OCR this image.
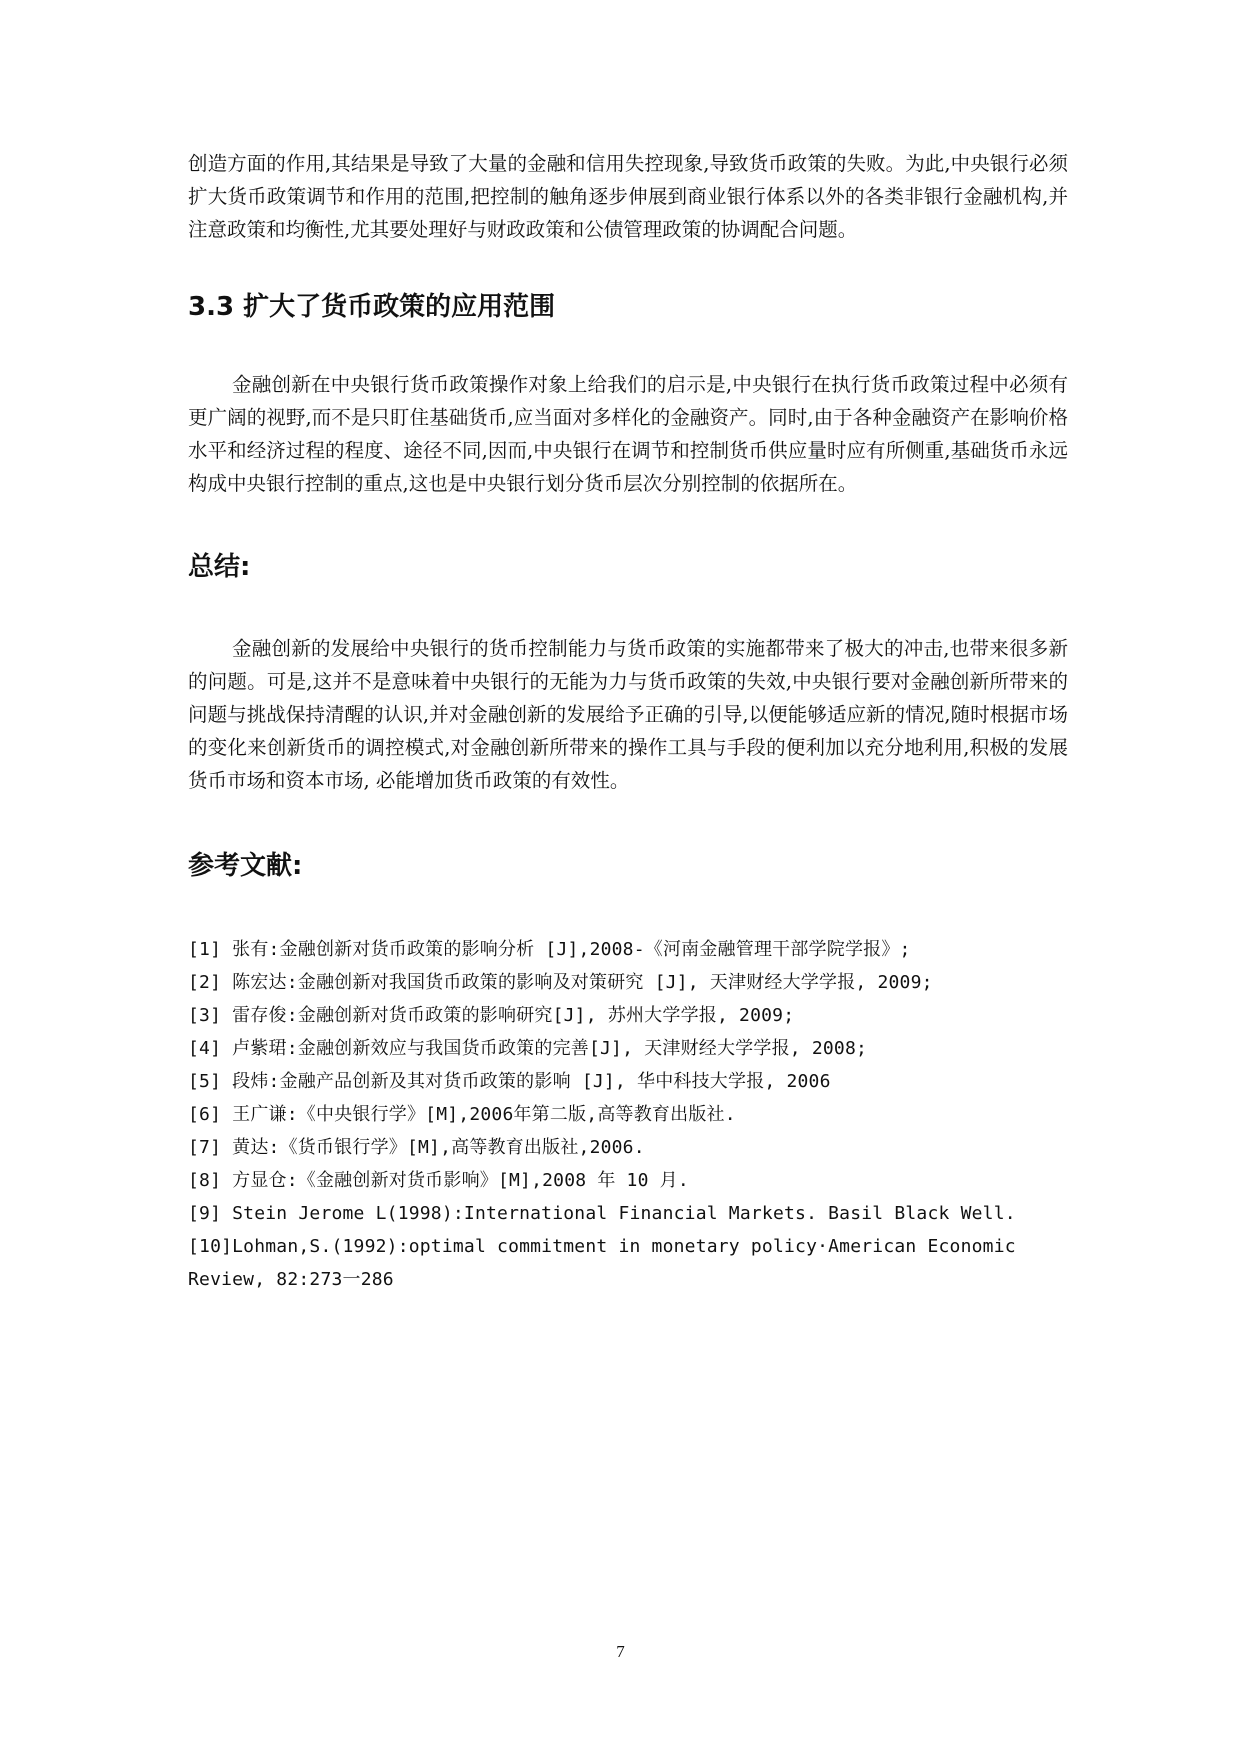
创造方面的作用,其结果是导致了大量的金融和信用失控现象,导致货币政策的失败。为此,中央银行必须扩大货币政策调节和作用的范围,把控制的触角逐步伸展到商业银行体系以外的各类非银行金融机构,并注意政策和均衡性,尤其要处理好与财政政策和公债管理政策的协调配合问题。

3.3 扩大了货币政策的应用范围

金融创新在中央银行货币政策操作对象上给我们的启示是,中央银行在执行货币政策过程中必须有更广阔的视野,而不是只盯住基础货币,应当面对多样化的金融资产。同时,由于各种金融资产在影响价格水平和经济过程的程度、途径不同,因而,中央银行在调节和控制货币供应量时应有所侧重,基础货币永远构成中央银行控制的重点,这也是中央银行划分货币层次分别控制的依据所在。

总结:

金融创新的发展给中央银行的货币控制能力与货币政策的实施都带来了极大的冲击,也带来很多新的问题。可是,这并不是意味着中央银行的无能为力与货币政策的失效,中央银行要对金融创新所带来的问题与挑战保持清醒的认识,并对金融创新的发展给予正确的引导,以便能够适应新的情况,随时根据市场的变化来创新货币的调控模式,对金融创新所带来的操作工具与手段的便利加以充分地利用,积极的发展货币市场和资本市场, 必能增加货币政策的有效性。

参考文献:
[1] 张有:金融创新对货币政策的影响分析 [J],2008-《河南金融管理干部学院学报》;
[2] 陈宏达:金融创新对我国货币政策的影响及对策研究 [J], 天津财经大学学报, 2009;
[3] 雷存俊:金融创新对货币政策的影响研究[J], 苏州大学学报, 2009;
[4] 卢紫珺:金融创新效应与我国货币政策的完善[J], 天津财经大学学报, 2008;
[5] 段炜:金融产品创新及其对货币政策的影响 [J], 华中科技大学报, 2006
[6] 王广谦:《中央银行学》[M],2006年第二版,高等教育出版社.
[7] 黄达:《货币银行学》[M],高等教育出版社,2006.
[8] 方显仓:《金融创新对货币影响》[M],2008 年 10 月.
[9] Stein Jerome L(1998):International Financial Markets. Basil Black Well.
[10]Lohman,S.(1992):optimal commitment in monetary policy·American Economic Review, 82:273一286
7
